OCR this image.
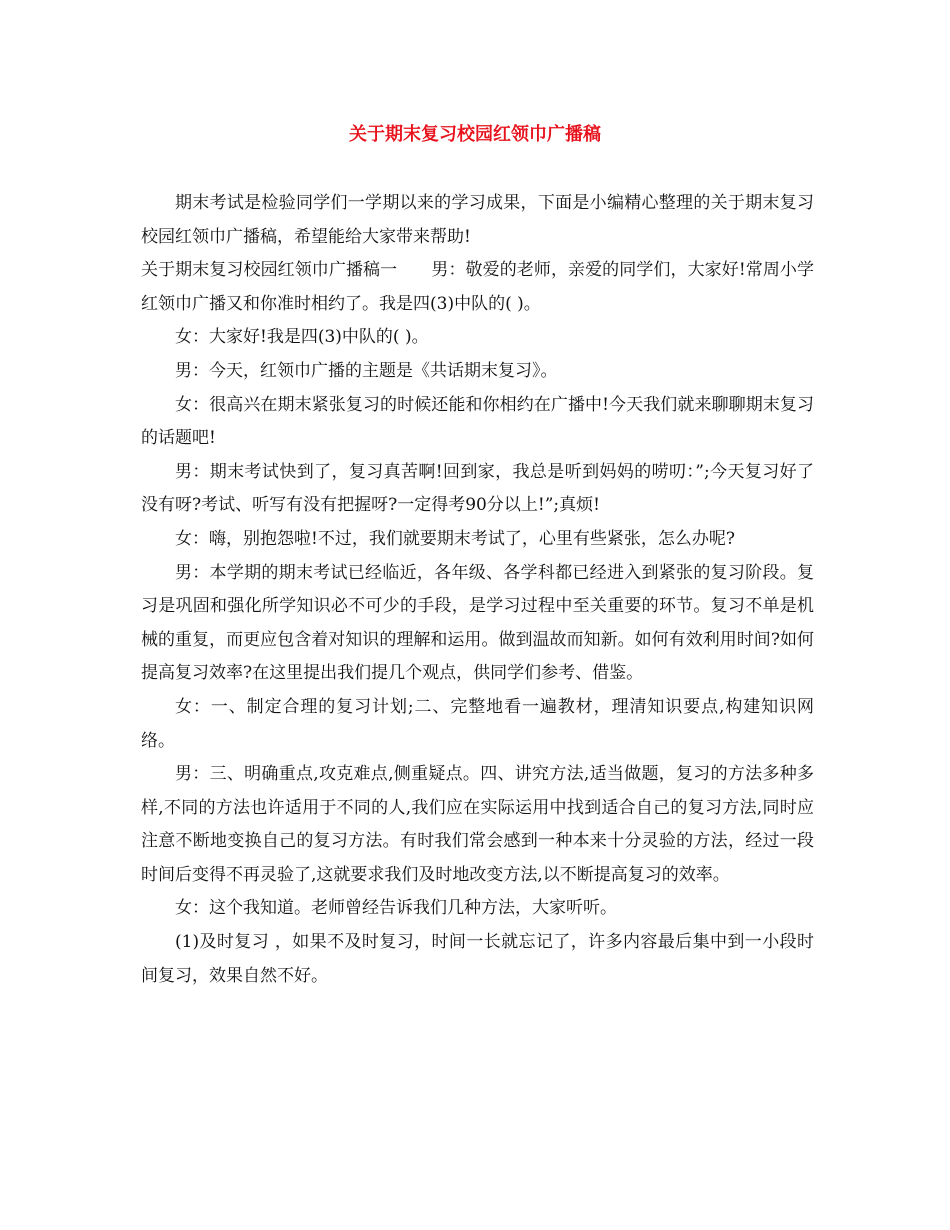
关于期末复习校园红领巾广播稿

期末考试是检验同学们一学期以来的学习成果，下面是小编精心整理的关于期末复习校园红领巾广播稿，希望能给大家带来帮助!

关于期末复习校园红领巾广播稿一　　男：敬爱的老师，亲爱的同学们，大家好!常周小学红领巾广播又和你准时相约了。我是四(3)中队的( )。

女：大家好!我是四(3)中队的( )。

男：今天，红领巾广播的主题是《共话期末复习》。

女：很高兴在期末紧张复习的时候还能和你相约在广播中!今天我们就来聊聊期末复习的话题吧!

男：期末考试快到了，复习真苦啊!回到家，我总是听到妈妈的唠叨：”;今天复习好了没有呀?考试、听写有没有把握呀?一定得考90分以上!”;真烦!

女：嗨，别抱怨啦!不过，我们就要期末考试了，心里有些紧张，怎么办呢?

男：本学期的期末考试已经临近，各年级、各学科都已经进入到紧张的复习阶段。复习是巩固和强化所学知识必不可少的手段，是学习过程中至关重要的环节。复习不单是机械的重复，而更应包含着对知识的理解和运用。做到温故而知新。如何有效利用时间?如何提高复习效率?在这里提出我们提几个观点，供同学们参考、借鉴。

女：一、制定合理的复习计划;二、完整地看一遍教材，理清知识要点,构建知识网络。

男：三、明确重点,攻克难点,侧重疑点。四、讲究方法,适当做题，复习的方法多种多样,不同的方法也许适用于不同的人,我们应在实际运用中找到适合自己的复习方法,同时应注意不断地变换自己的复习方法。有时我们常会感到一种本来十分灵验的方法，经过一段时间后变得不再灵验了,这就要求我们及时地改变方法,以不断提高复习的效率。

女：这个我知道。老师曾经告诉我们几种方法，大家听听。

(1)及时复习 ，如果不及时复习，时间一长就忘记了，许多内容最后集中到一小段时间复习，效果自然不好。
